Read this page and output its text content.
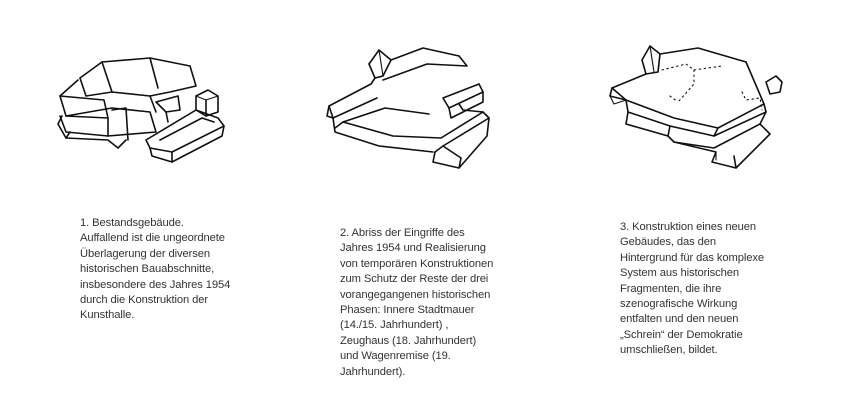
1. Bestandsgebäude.
Auffallend ist die ungeordnete
Überlagerung der diversen
historischen Bauabschnitte,
insbesondere des Jahres 1954
durch die Konstruktion der
Kunsthalle.

2. Abriss der Eingriffe des
Jahres 1954 und Realisierung
von temporären Konstruktionen
zum Schutz der Reste der drei
vorangegangenen historischen
Phasen: Innere Stadtmauer
(14./15. Jahrhundert) ,
Zeughaus (18. Jahrhundert)
und Wagenremise (19.
Jahrhundert).

3. Konstruktion eines neuen
Gebäudes, das den
Hintergrund für das komplexe
System aus historischen
Fragmenten, die ihre
szenografische Wirkung
entfalten und den neuen
„Schrein“ der Demokratie
umschließen, bildet.
